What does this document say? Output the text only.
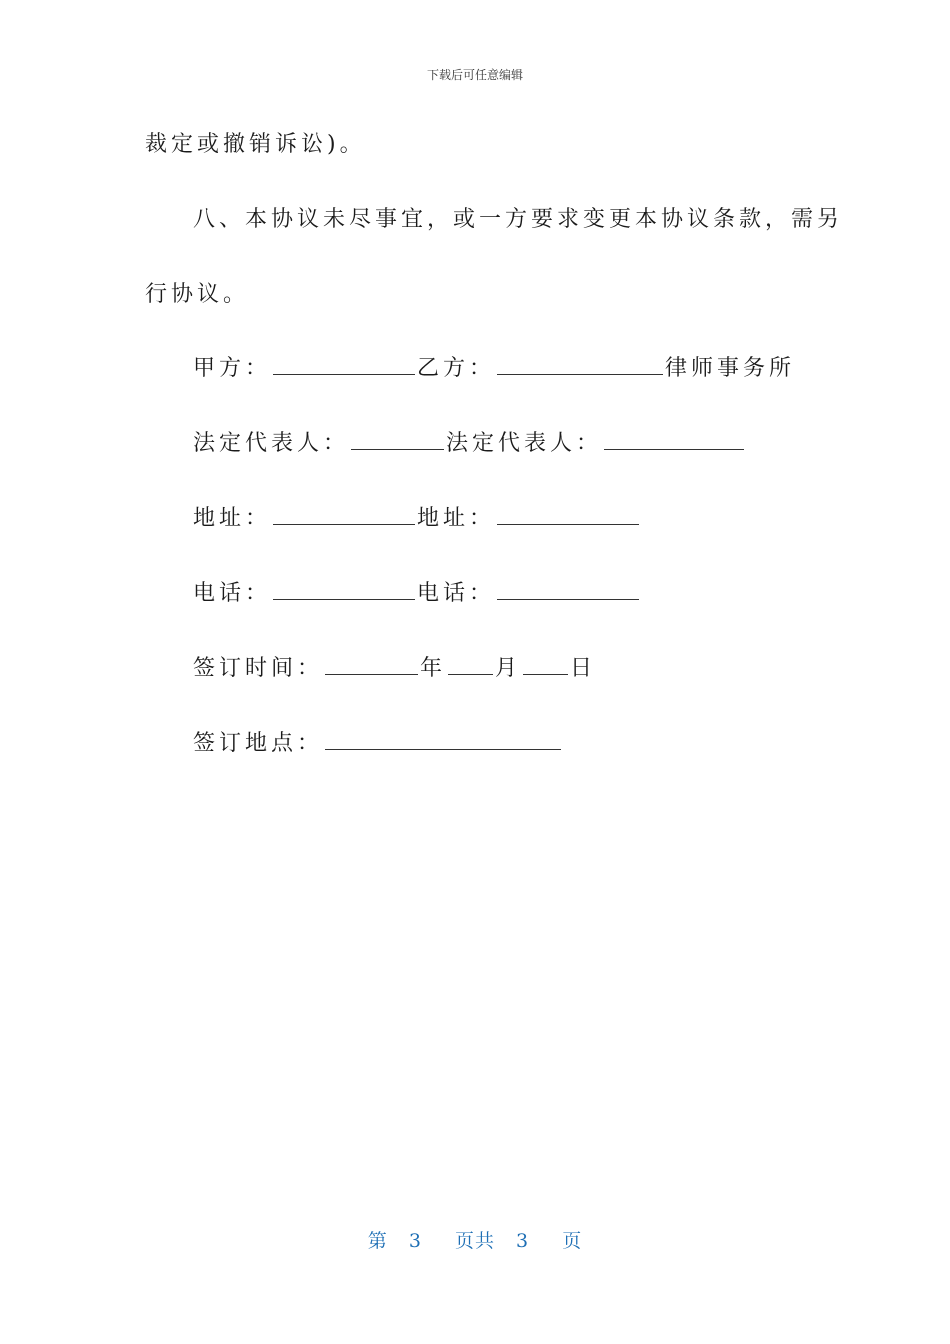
下载后可任意编辑
裁定或撤销诉讼)。
八、本协议未尽事宜，或一方要求变更本协议条款，需另
行协议。
甲方：	乙方：	律师事务所
法定代表人：	法定代表人：
地址：	地址：
电话：	电话：
签订时间：	年 月 日
签订地点：
第 3 页共 3 页
